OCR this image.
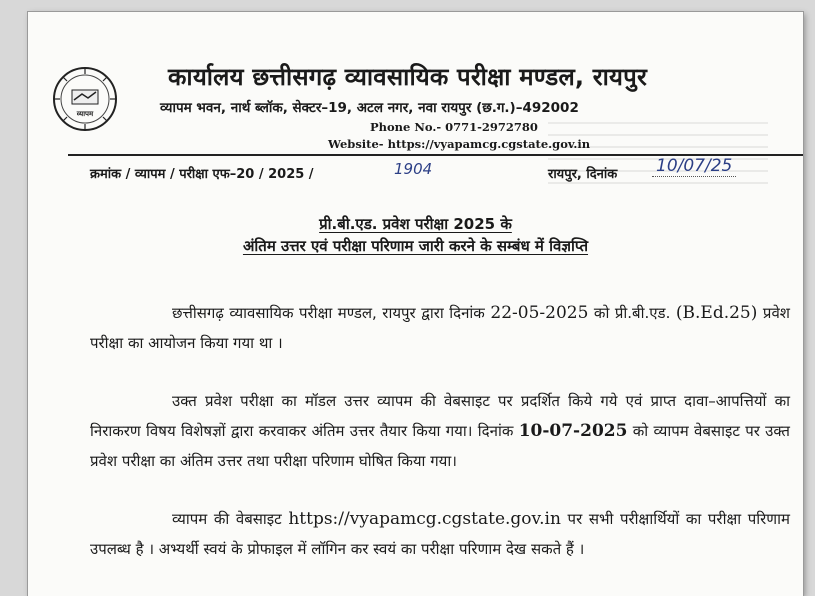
व्यापम
कार्यालय छत्तीसगढ़ व्यावसायिक परीक्षा मण्डल, रायपुर
व्यापम भवन, नार्थ ब्लॉक, सेक्टर–19, अटल नगर, नवा रायपुर (छ.ग.)–492002
Phone No.- 0771-2972780
Website- https://vyapamcg.cgstate.gov.in
क्रमांक / व्यापम / परीक्षा एफ–20 / 2025 /	1904	रायपुर, दिनांक 10/07/25
प्री.बी.एड. प्रवेश परीक्षा 2025 के
अंतिम उत्तर एवं परीक्षा परिणाम जारी करने के सम्बंध में विज्ञप्ति
छत्तीसगढ़ व्यावसायिक परीक्षा मण्डल, रायपुर द्वारा दिनांक 22-05-2025 को प्री.बी.एड. (B.Ed.25) प्रवेश परीक्षा का आयोजन किया गया था ।
उक्त प्रवेश परीक्षा का मॉडल उत्तर व्यापम की वेबसाइट पर प्रदर्शित किये गये एवं प्राप्त दावा–आपत्तियों का निराकरण विषय विशेषज्ञों द्वारा करवाकर अंतिम उत्तर तैयार किया गया। दिनांक 10-07-2025 को व्यापम वेबसाइट पर उक्त प्रवेश परीक्षा का अंतिम उत्तर तथा परीक्षा परिणाम घोषित किया गया।
व्यापम की वेबसाइट https://vyapamcg.cgstate.gov.in पर सभी परीक्षार्थियों का परीक्षा परिणाम उपलब्ध है । अभ्यर्थी स्वयं के प्रोफाइल में लॉगिन कर स्वयं का परीक्षा परिणाम देख सकते हैं ।
